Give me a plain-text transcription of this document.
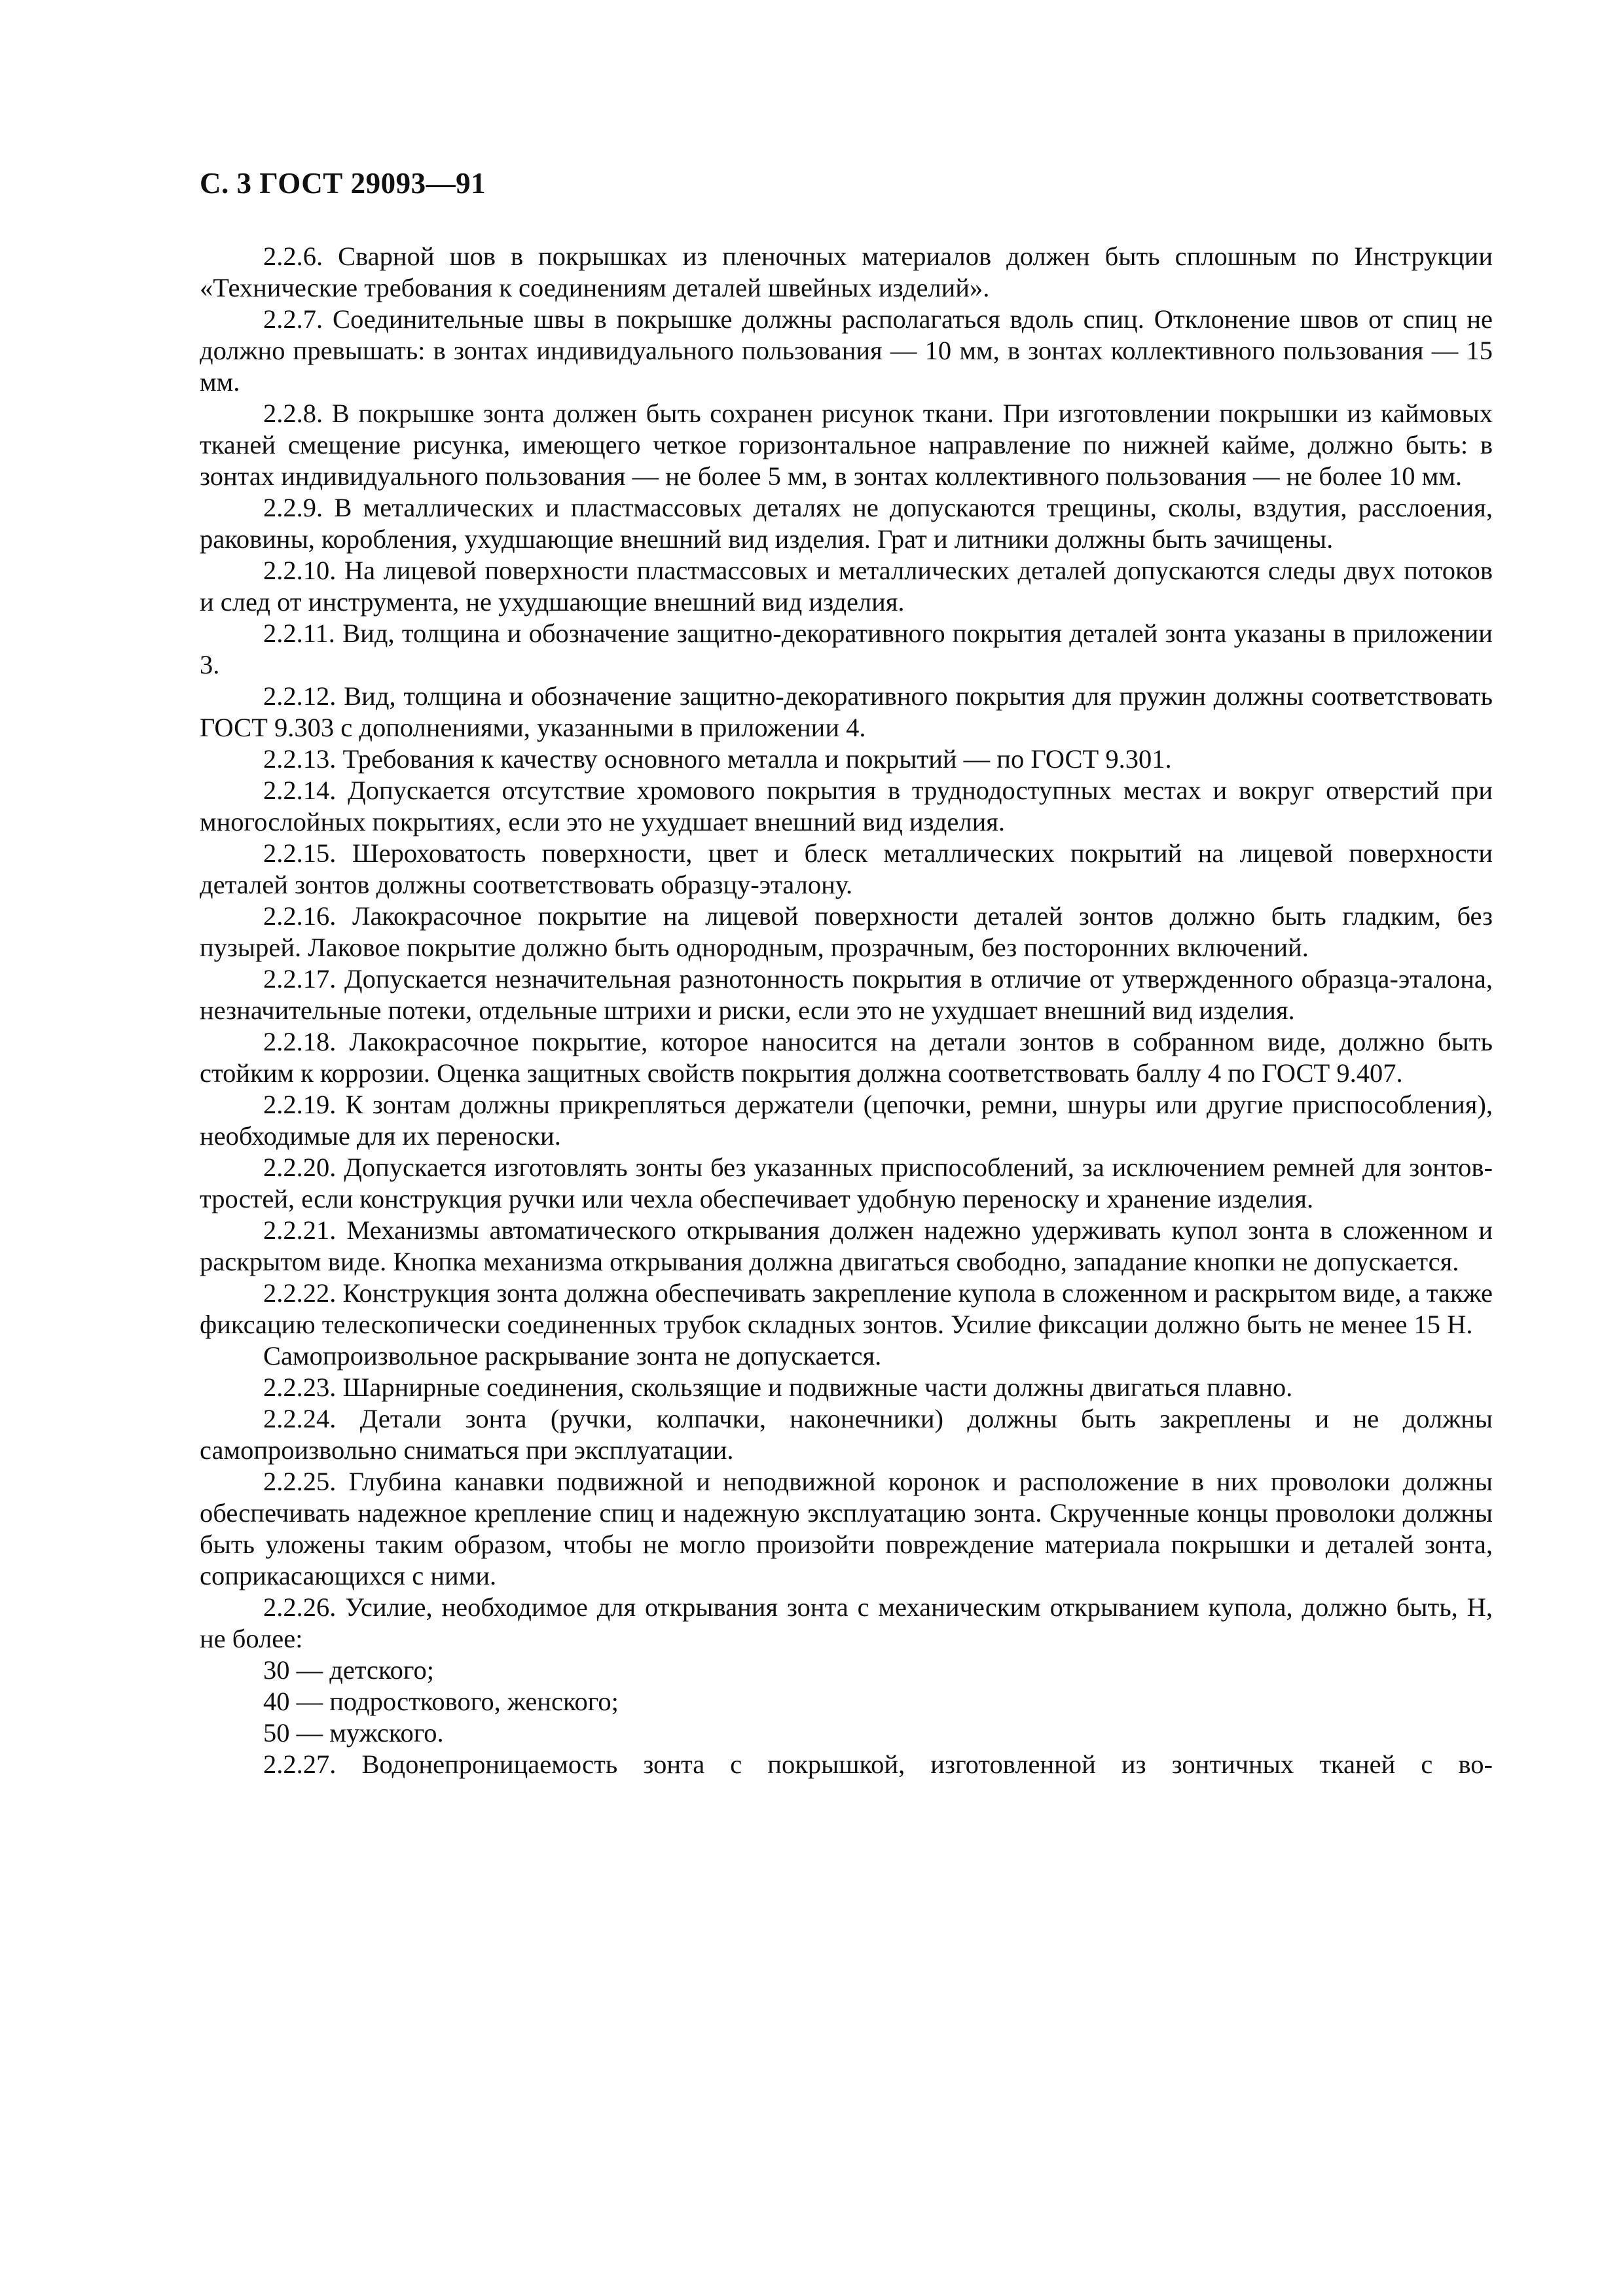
С. 3 ГОСТ 29093—91

2.2.6. Сварной шов в покрышках из пленочных материалов должен быть сплошным по Инструкции «Технические требования к соединениям деталей швейных изделий».

2.2.7. Соединительные швы в покрышке должны располагаться вдоль спиц. Отклонение швов от спиц не должно превышать: в зонтах индивидуального пользования — 10 мм, в зонтах коллективного пользования — 15 мм.

2.2.8. В покрышке зонта должен быть сохранен рисунок ткани. При изготовлении покрышки из каймовых тканей смещение рисунка, имеющего четкое горизонтальное направление по нижней кайме, должно быть: в зонтах индивидуального пользования — не более 5 мм, в зонтах коллективного пользования — не более 10 мм.

2.2.9. В металлических и пластмассовых деталях не допускаются трещины, сколы, вздутия, расслоения, раковины, коробления, ухудшающие внешний вид изделия. Грат и литники должны быть зачищены.

2.2.10. На лицевой поверхности пластмассовых и металлических деталей допускаются следы двух потоков и след от инструмента, не ухудшающие внешний вид изделия.

2.2.11. Вид, толщина и обозначение защитно-декоративного покрытия деталей зонта указаны в приложении 3.

2.2.12. Вид, толщина и обозначение защитно-декоративного покрытия для пружин должны соответствовать ГОСТ 9.303 с дополнениями, указанными в приложении 4.

2.2.13. Требования к качеству основного металла и покрытий — по ГОСТ 9.301.

2.2.14. Допускается отсутствие хромового покрытия в труднодоступных местах и вокруг отверстий при многослойных покрытиях, если это не ухудшает внешний вид изделия.

2.2.15. Шероховатость поверхности, цвет и блеск металлических покрытий на лицевой поверхности деталей зонтов должны соответствовать образцу-эталону.

2.2.16. Лакокрасочное покрытие на лицевой поверхности деталей зонтов должно быть гладким, без пузырей. Лаковое покрытие должно быть однородным, прозрачным, без посторонних включений.

2.2.17. Допускается незначительная разнотонность покрытия в отличие от утвержденного образца-эталона, незначительные потеки, отдельные штрихи и риски, если это не ухудшает внешний вид изделия.

2.2.18. Лакокрасочное покрытие, которое наносится на детали зонтов в собранном виде, должно быть стойким к коррозии. Оценка защитных свойств покрытия должна соответствовать баллу 4 по ГОСТ 9.407.

2.2.19. К зонтам должны прикрепляться держатели (цепочки, ремни, шнуры или другие приспособления), необходимые для их переноски.

2.2.20. Допускается изготовлять зонты без указанных приспособлений, за исключением ремней для зонтов-тростей, если конструкция ручки или чехла обеспечивает удобную переноску и хранение изделия.

2.2.21. Механизмы автоматического открывания должен надежно удерживать купол зонта в сложенном и раскрытом виде. Кнопка механизма открывания должна двигаться свободно, западание кнопки не допускается.

2.2.22. Конструкция зонта должна обеспечивать закрепление купола в сложенном и раскрытом виде, а также фиксацию телескопически соединенных трубок складных зонтов. Усилие фиксации должно быть не менее 15 Н.

Самопроизвольное раскрывание зонта не допускается.

2.2.23. Шарнирные соединения, скользящие и подвижные части должны двигаться плавно.

2.2.24. Детали зонта (ручки, колпачки, наконечники) должны быть закреплены и не должны самопроизвольно сниматься при эксплуатации.

2.2.25. Глубина канавки подвижной и неподвижной коронок и расположение в них проволоки должны обеспечивать надежное крепление спиц и надежную эксплуатацию зонта. Скрученные концы проволоки должны быть уложены таким образом, чтобы не могло произойти повреждение материала покрышки и деталей зонта, соприкасающихся с ними.

2.2.26. Усилие, необходимое для открывания зонта с механическим открыванием купола, должно быть, Н, не более:

30 — детского;

40 — подросткового, женского;

50 — мужского.

2.2.27. Водонепроницаемость зонта с покрышкой, изготовленной из зонтичных тканей с во-
